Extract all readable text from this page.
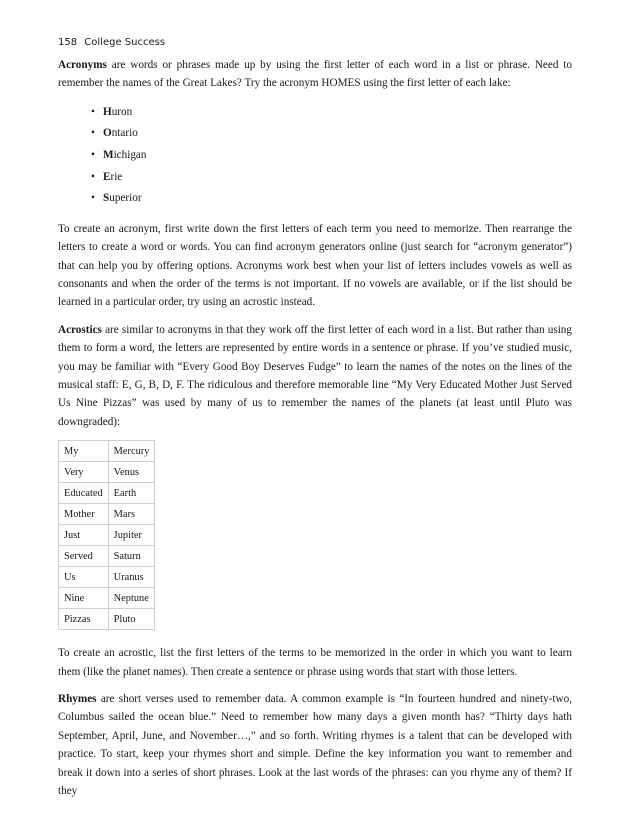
158 College Success

Acronyms are words or phrases made up by using the first letter of each word in a list or phrase. Need to remember the names of the Great Lakes? Try the acronym HOMES using the first letter of each lake:

• Huron
• Ontario
• Michigan
• Erie
• Superior

To create an acronym, first write down the first letters of each term you need to memorize. Then rearrange the letters to create a word or words. You can find acronym generators online (just search for “acronym generator”) that can help you by offering options. Acronyms work best when your list of letters includes vowels as well as consonants and when the order of the terms is not important. If no vowels are available, or if the list should be learned in a particular order, try using an acrostic instead.

Acrostics are similar to acronyms in that they work off the first letter of each word in a list. But rather than using them to form a word, the letters are represented by entire words in a sentence or phrase. If you’ve studied music, you may be familiar with “Every Good Boy Deserves Fudge” to learn the names of the notes on the lines of the musical staff: E, G, B, D, F. The ridiculous and therefore memorable line “My Very Educated Mother Just Served Us Nine Pizzas” was used by many of us to remember the names of the planets (at least until Pluto was downgraded):

My	Mercury
Very	Venus
Educated	Earth
Mother	Mars
Just	Jupiter
Served	Saturn
Us	Uranus
Nine	Neptune
Pizzas	Pluto

To create an acrostic, list the first letters of the terms to be memorized in the order in which you want to learn them (like the planet names). Then create a sentence or phrase using words that start with those letters.

Rhymes are short verses used to remember data. A common example is “In fourteen hundred and ninety-two, Columbus sailed the ocean blue.” Need to remember how many days a given month has? “Thirty days hath September, April, June, and November…,” and so forth. Writing rhymes is a talent that can be developed with practice. To start, keep your rhymes short and simple. Define the key information you want to remember and break it down into a series of short phrases. Look at the last words of the phrases: can you rhyme any of them? If they
